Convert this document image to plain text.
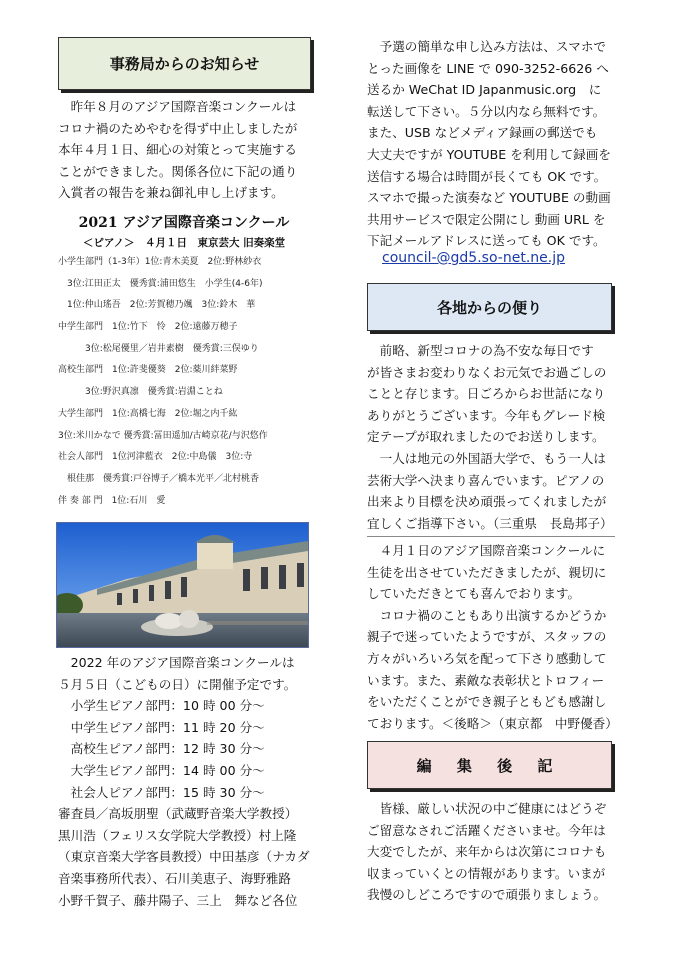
事務局からのお知らせ
　昨年８月のアジア国際音楽コンクールは
コロナ禍のためやむを得ず中止しましたが
本年４月１日、細心の対策とって実施する
ことができました。関係各位に下記の通り
入賞者の報告を兼ね御礼申し上げます。
2021 アジア国際音楽コンクール
＜ピアノ＞　４月１日　東京芸大 旧奏楽堂
小学生部門（1-3年）1位:青木美夏　2位:野林紗衣
　3位:江田正太　優秀賞:浦田悠生　小学生(4-6年)
　1位:仲山瑤吾　2位:芳賀穂乃颯　3位:鈴木　華
中学生部門　1位:竹下　怜　2位:遠藤万穂子
　　　3位:松尾優里／岩井素樹　優秀賞:三俣ゆり
高校生部門　1位:許斐優葵　2位:薬川絆菜野
　　　3位:野沢真凛　優秀賞:岩淵ことね
大学生部門　1位:高橋七海　2位:堀之内千紘
3位:米川かなで 優秀賞:冨田遥加/古崎京花/与沢悠作
社会人部門　1位河津藍衣　2位:中島儀　3位:寺
　根佳那　優秀賞:戸谷博子／橋本光平／北村桃香
伴 奏 部 門　1位:石川　愛
　2022 年のアジア国際音楽コンクールは
５月５日（こどもの日）に開催予定です。
　小学生ピアノ部門：10 時 00 分～
　中学生ピアノ部門：11 時 20 分～
　高校生ピアノ部門：12 時 30 分～
　大学生ピアノ部門：14 時 00 分～
　社会人ピアノ部門：15 時 30 分～
審査員／高坂朋聖（武蔵野音楽大学教授）
黒川浩（フェリス女学院大学教授）村上隆
（東京音楽大学客員教授）中田基彦（ナカダ
音楽事務所代表）、石川美恵子、海野雅路
小野千賀子、藤井陽子、三上　舞など各位
　予選の簡単な申し込み方法は、スマホで
とった画像を LINE で 090-3252-6626 へ
送るか WeChat ID Japanmusic.org　に
転送して下さい。５分以内なら無料です。
また、USB などメディア録画の郵送でも
大丈夫ですが YOUTUBE を利用して録画を
送信する場合は時間が長くても OK です。
スマホで撮った演奏など YOUTUBE の動画
共用サービスで限定公開にし 動画 URL を
下記メールアドレスに送っても OK です。
council-@gd5.so-net.ne.jp
各地からの便り
　前略、新型コロナの為不安な毎日です
が皆さまお変わりなくお元気でお過ごしの
ことと存じます。日ごろからお世話になり
ありがとうございます。今年もグレード検
定テープが取れましたのでお送りします。
　一人は地元の外国語大学で、もう一人は
芸術大学へ決まり喜んでいます。ピアノの
出来より目標を決め頑張ってくれましたが
宜しくご指導下さい。（三重県　長島邦子）
　４月１日のアジア国際音楽コンクールに
生徒を出させていただきましたが、親切に
していただきとても喜んでおります。
　コロナ禍のこともあり出演するかどうか
親子で迷っていたようですが、スタッフの
方々がいろいろ気を配って下さり感動して
います。また、素敵な表彰状とトロフィー
をいただくことができ親子ともども感謝し
ております。＜後略＞（東京都　中野優香）
編 集 後 記
　皆様、厳しい状況の中ご健康にはどうぞ
ご留意なされご活躍くださいませ。今年は
大変でしたが、来年からは次第にコロナも
収まっていくとの情報があります。いまが
我慢のしどころですので頑張りましょう。
